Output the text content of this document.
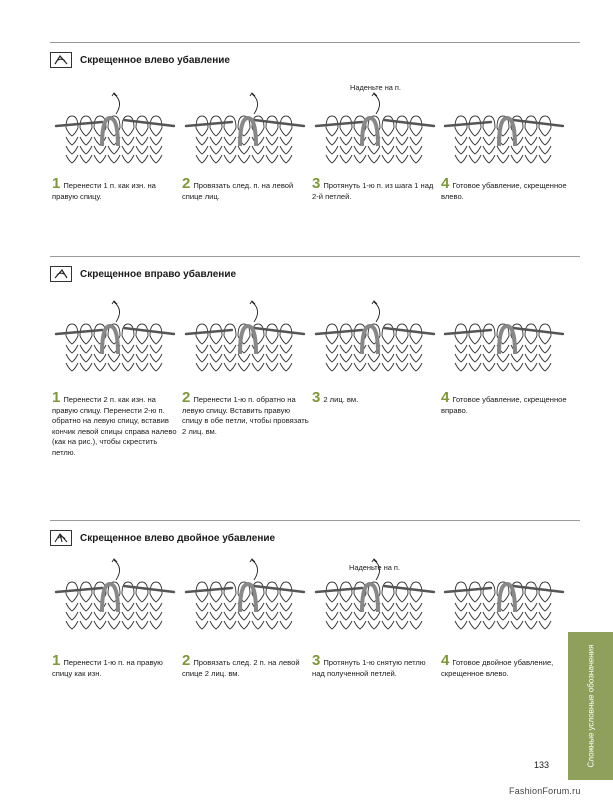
Скрещенное влево убавление
Наденьте на п.
Скрещенное вправо убавление
Скрещенное влево двойное убавление
Наденьте на п.
1 Перенести 1 п. как изн. на правую спицу.
2 Провязать след. п. на левой спице лиц.
3 Протянуть 1-ю п. из шага 1 над 2-й петлей.
4 Готовое убавление, скрещенное влево.
1 Перенести 2 п. как изн. на правую спицу. Перенести 2-ю п. обратно на левую спицу, вставив кончик левой спицы справа налево (как на рис.), чтобы скрестить петлю.
2 Перенести 1-ю п. обратно на левую спицу. Вставить правую спицу в обе петли, чтобы провязать 2 лиц. вм.
3 2 лиц. вм.	4 Готовое убавление, скрещенное вправо.
1 Перенести 1-ю п. на правую спицу как изн.
2 Провязать след. 2 п. на левой спице 2 лиц. вм.
3 Протянуть 1-ю снятую петлю над полученной петлей.
4 Готовое двойное убавление, скрещенное влево.	Сложные условные обозначения
133
FashionForum.ru
